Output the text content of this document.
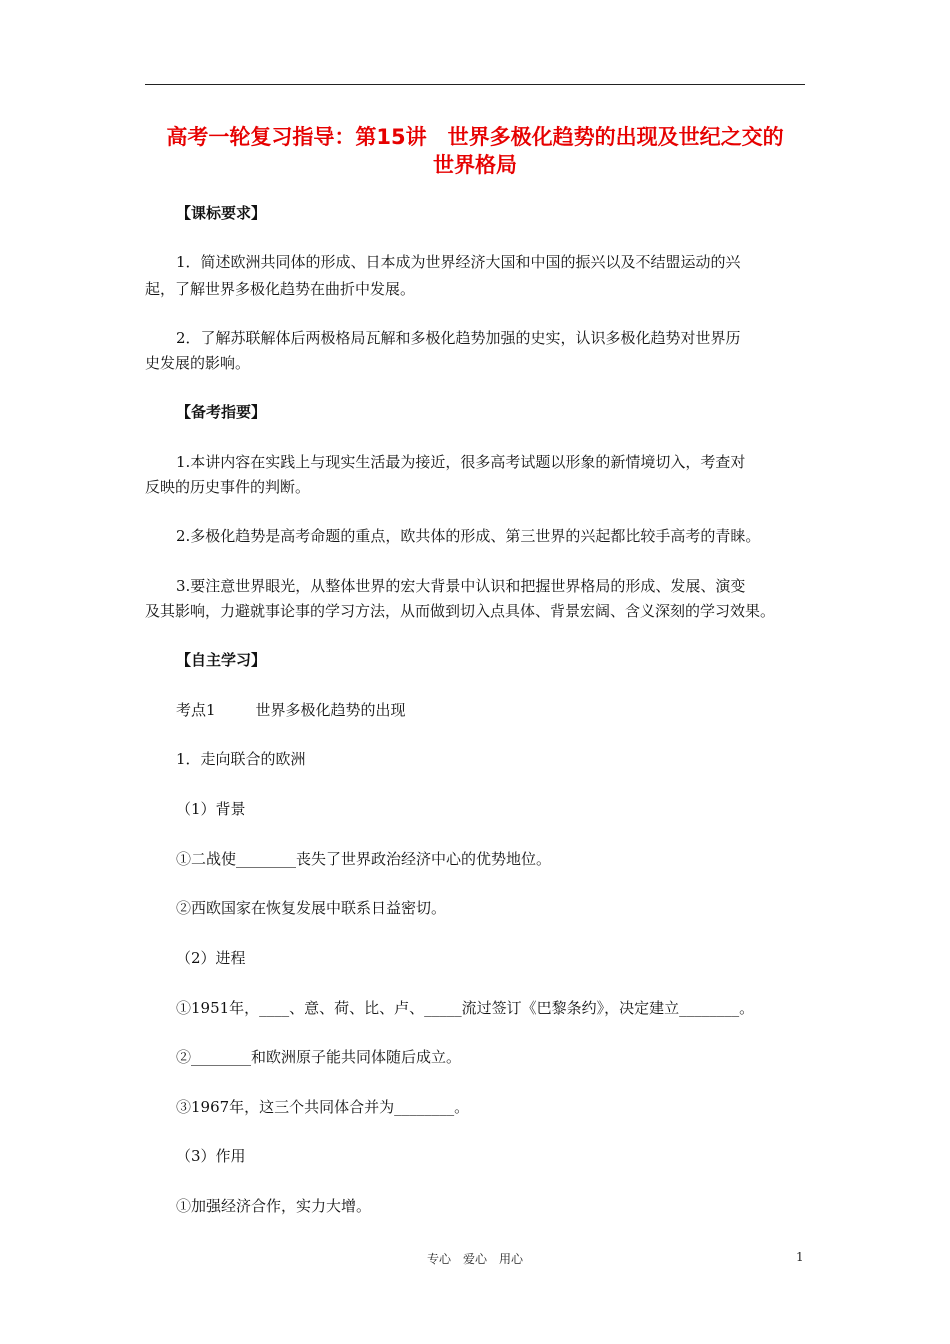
高考一轮复习指导：第15讲　世界多极化趋势的出现及世纪之交的
世界格局
【课标要求】
1．简述欧洲共同体的形成、日本成为世界经济大国和中国的振兴以及不结盟运动的兴
起，了解世界多极化趋势在曲折中发展。
2．了解苏联解体后两极格局瓦解和多极化趋势加强的史实，认识多极化趋势对世界历
史发展的影响。
【备考指要】
1.本讲内容在实践上与现实生活最为接近，很多高考试题以形象的新情境切入，考查对
反映的历史事件的判断。
2.多极化趋势是高考命题的重点，欧共体的形成、第三世界的兴起都比较手高考的青睐。
3.要注意世界眼光，从整体世界的宏大背景中认识和把握世界格局的形成、发展、演变
及其影响，力避就事论事的学习方法，从而做到切入点具体、背景宏阔、含义深刻的学习效果。
【自主学习】
考点1	世界多极化趋势的出现
1．走向联合的欧洲
（1）背景
①二战使________丧失了世界政治经济中心的优势地位。
②西欧国家在恢复发展中联系日益密切。
（2）进程
①1951年，____、意、荷、比、卢、_____流过签订《巴黎条约》，决定建立________。
②________和欧洲原子能共同体随后成立。
③1967年，这三个共同体合并为________。
（3）作用
①加强经济合作，实力大增。
专心　爱心　用心	1
